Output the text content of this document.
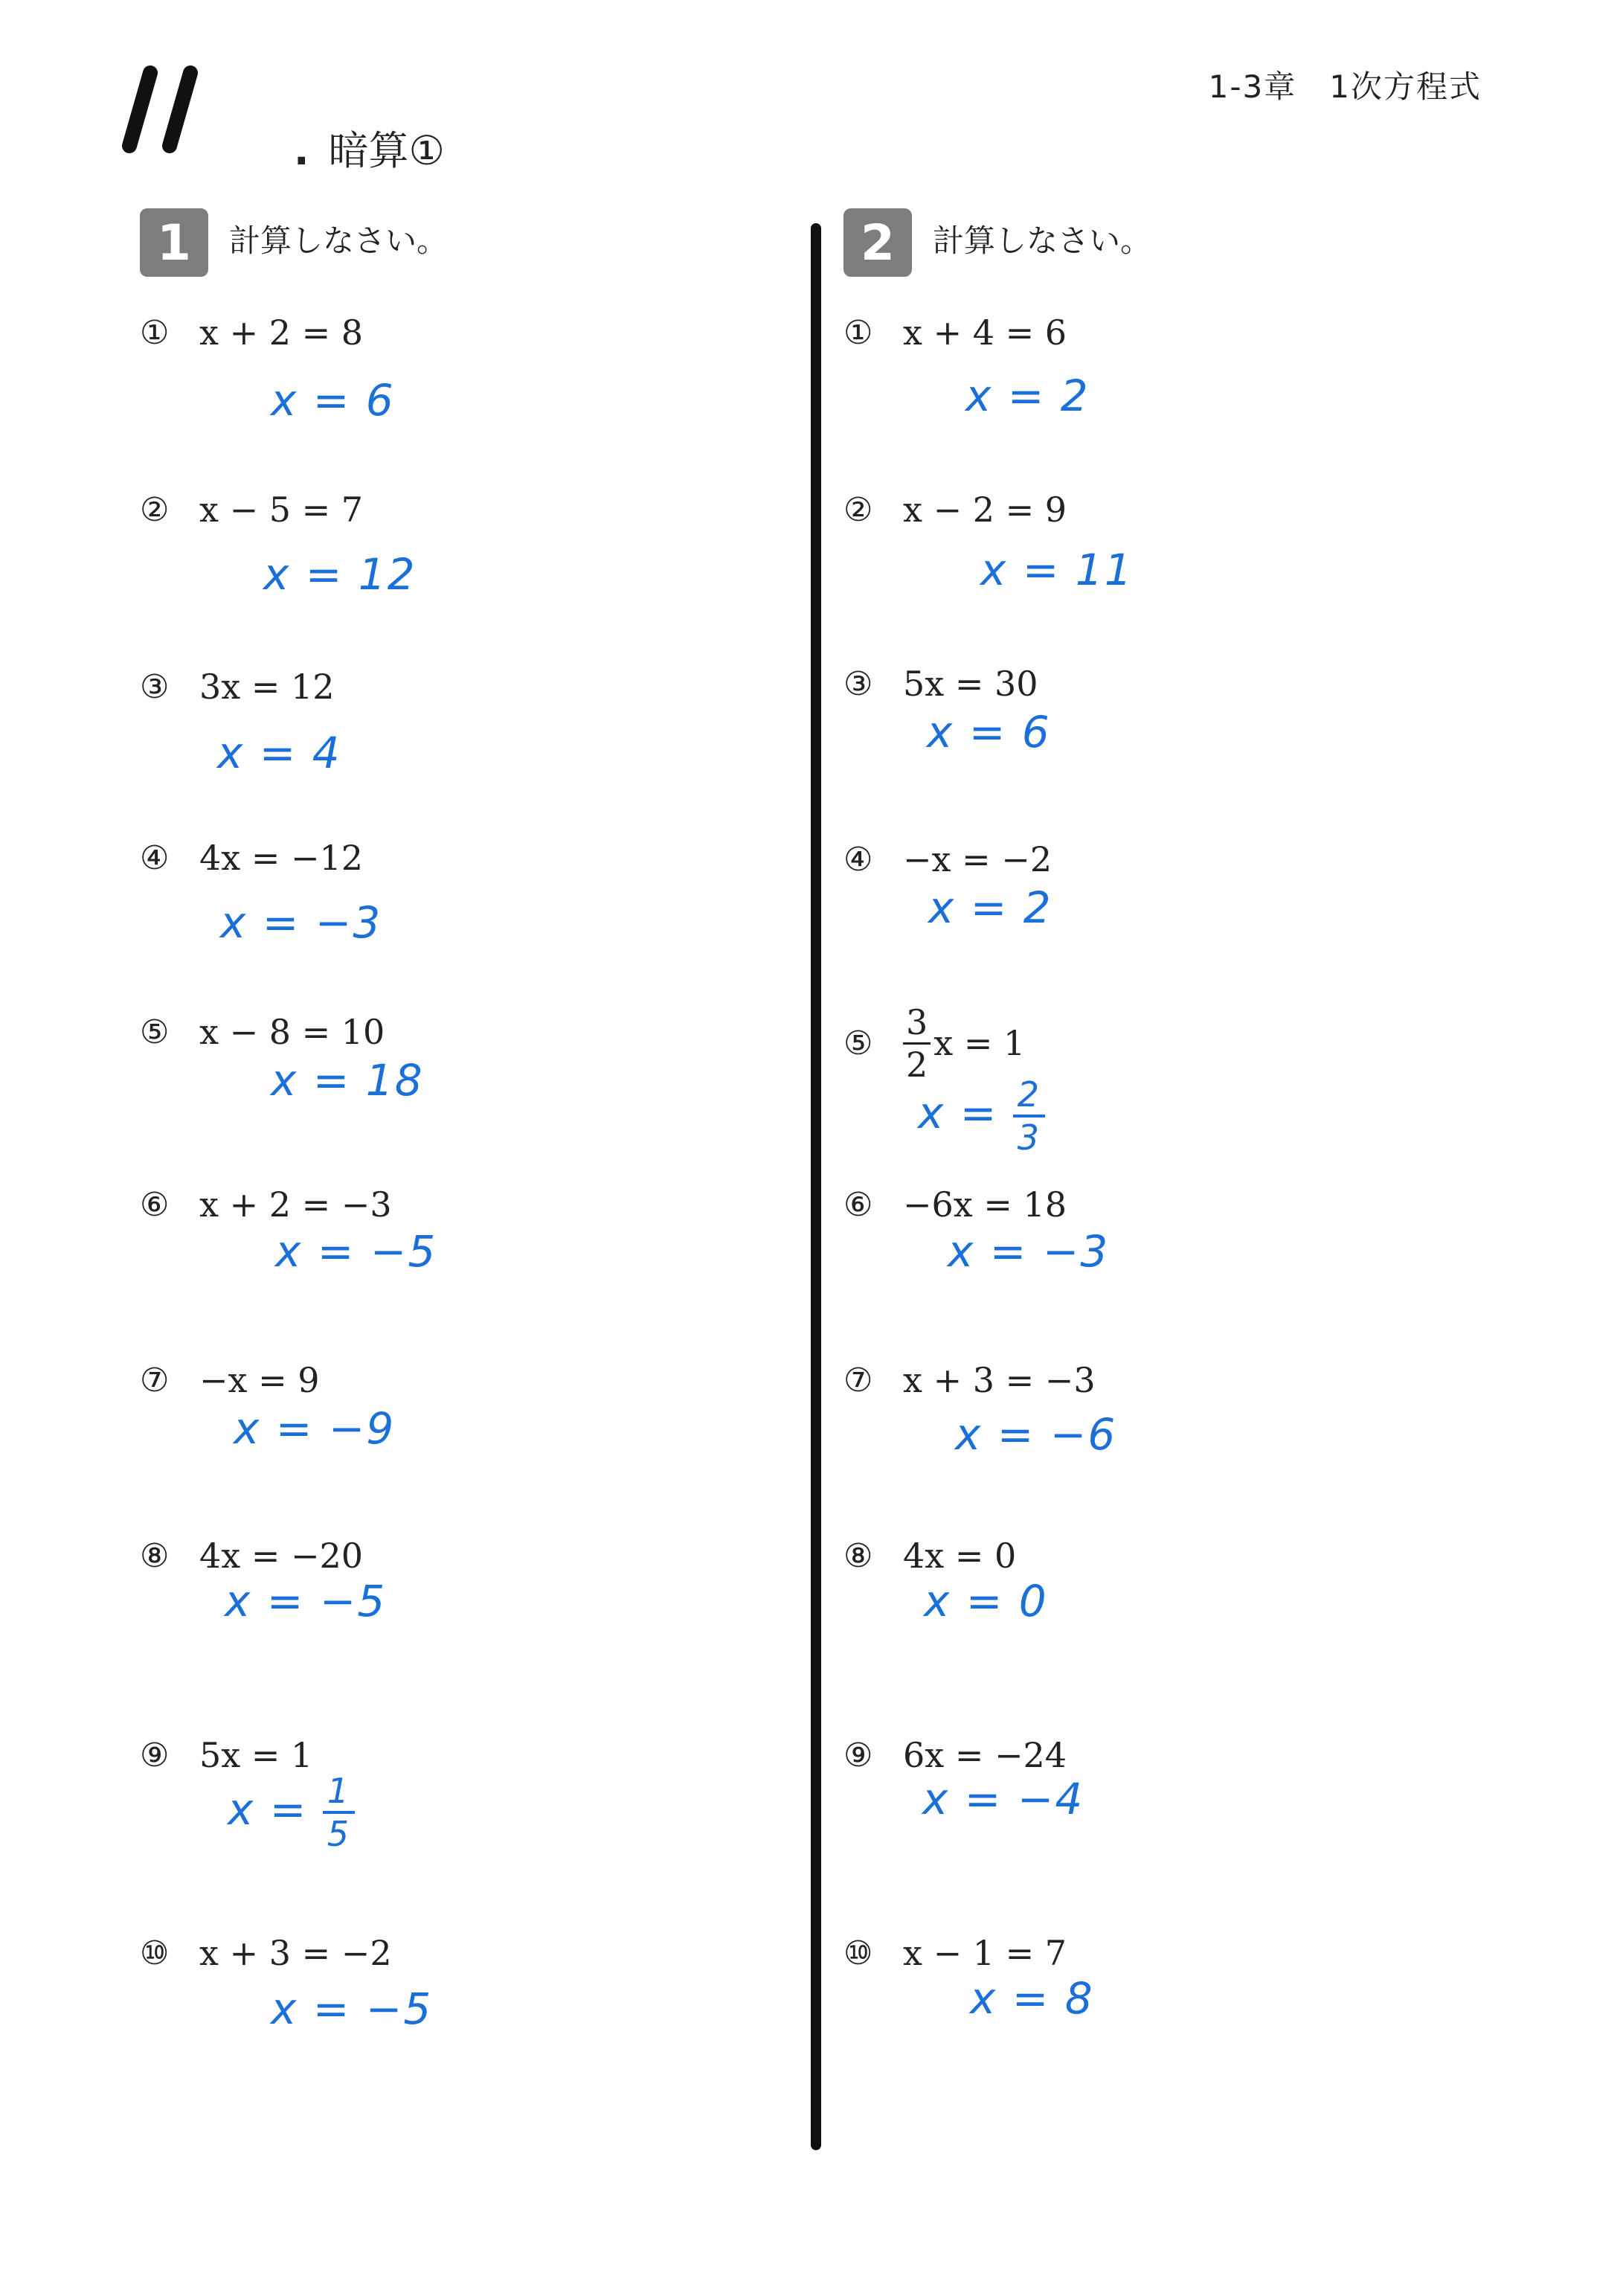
1-3章　1次方程式
. 暗算①
1	計算しなさい。
① x + 2 = 8
x = 6
② x − 5 = 7
x = 12
③ 3x = 12
x = 4
④ 4x = −12
x = −3
⑤ x − 8 = 10
x = 18
⑥ x + 2 = −3
x = −5
⑦ −x = 9
x = −9
⑧ 4x = −20
x = −5
⑨ 5x = 1
$x = \frac{1}{5}$
⑩ x + 3 = −2
x = −5
2	計算しなさい。
① x + 4 = 6
x = 2
② x − 2 = 9
x = 11
③ 5x = 30
x = 6
④ −x = −2
x = 2
⑤ $\frac{3}{2}$ x = 1
$x = \frac{2}{3}$
⑥ −6x = 18
x = −3
⑦ x + 3 = −3
x = −6
⑧ 4x = 0
x = 0
⑨ 6x = −24
x = −4
⑩ x − 1 = 7
x = 8
